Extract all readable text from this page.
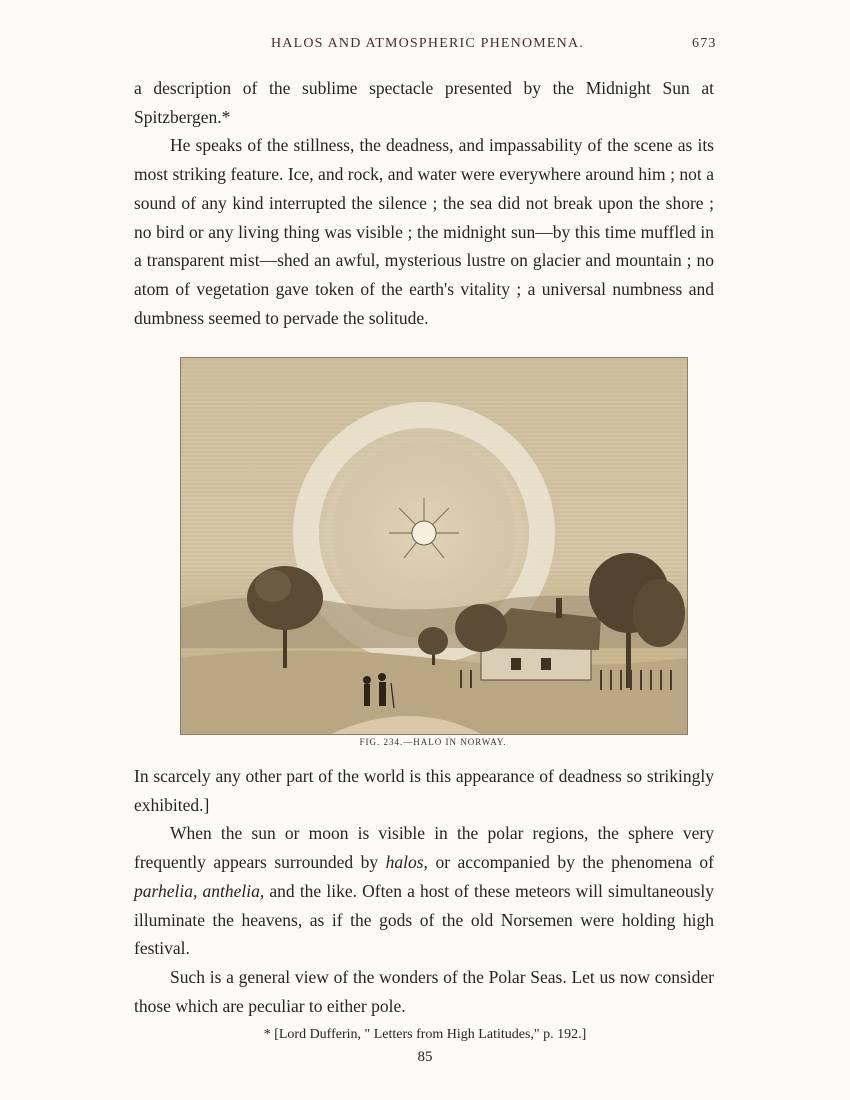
HALOS AND ATMOSPHERIC PHENOMENA.	673

a description of the sublime spectacle presented by the Midnight Sun at Spitzbergen.*

He speaks of the stillness, the deadness, and impassability of the scene as its most striking feature. Ice, and rock, and water were everywhere around him ; not a sound of any kind interrupted the silence ; the sea did not break upon the shore ; no bird or any living thing was visible ; the midnight sun—by this time muffled in a transparent mist—shed an awful, mysterious lustre on glacier and mountain ; no atom of vegetation gave token of the earth's vitality ; a universal numbness and dumbness seemed to pervade the solitude.

FIG. 234.—HALO IN NORWAY.

In scarcely any other part of the world is this appearance of deadness so strikingly exhibited.]

When the sun or moon is visible in the polar regions, the sphere very frequently appears surrounded by halos, or accompanied by the phenomena of parhelia, anthelia, and the like. Often a host of these meteors will simultaneously illuminate the heavens, as if the gods of the old Norsemen were holding high festival.

Such is a general view of the wonders of the Polar Seas. Let us now consider those which are peculiar to either pole.

* [Lord Dufferin, " Letters from High Latitudes," p. 192.]
85
